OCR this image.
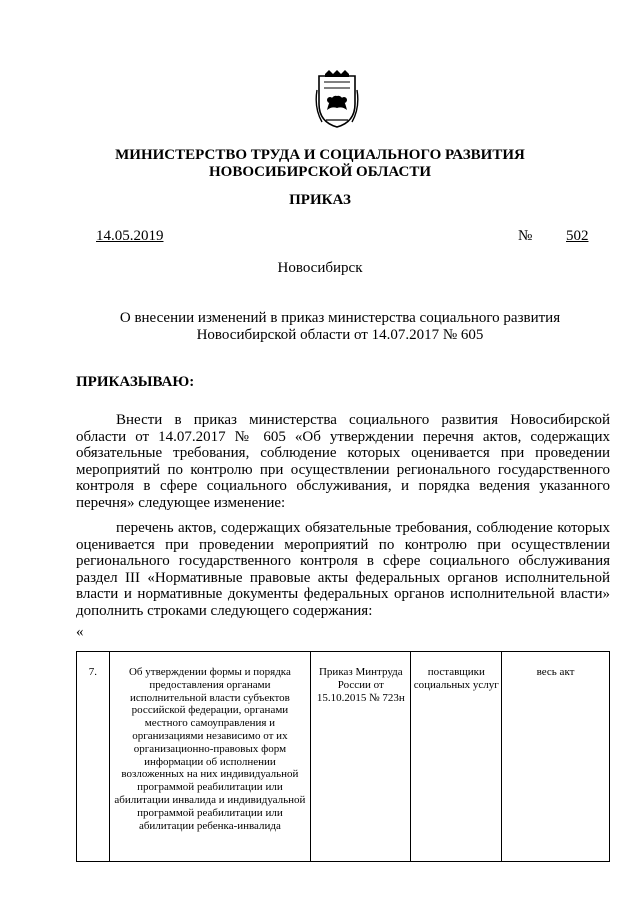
МИНИСТЕРСТВО ТРУДА И СОЦИАЛЬНОГО РАЗВИТИЯ
НОВОСИБИРСКОЙ ОБЛАСТИ
ПРИКАЗ
14.05.2019	№ 502
Новосибирск
О внесении изменений в приказ министерства социального развития Новосибирской области от 14.07.2017 № 605
ПРИКАЗЫВАЮ:
Внести в приказ министерства социального развития Новосибирской области от 14.07.2017 № 605 «Об утверждении перечня актов, содержащих обязательные требования, соблюдение которых оценивается при проведении мероприятий по контролю при осуществлении регионального государственного контроля в сфере социального обслуживания, и порядка ведения указанного перечня» следующее изменение:
перечень актов, содержащих обязательные требования, соблюдение которых оценивается при проведении мероприятий по контролю при осуществлении регионального государственного контроля в сфере социального обслуживания раздел III «Нормативные правовые акты федеральных органов исполнительной власти и нормативные документы федеральных органов исполнительной власти» дополнить строками следующего содержания:
«
7.	Об утверждении формы и порядка предоставления органами исполнительной власти субъектов российской федерации, органами местного самоуправления и организациями независимо от их организационно-правовых форм информации об исполнении возложенных на них индивидуальной программой реабилитации или абилитации инвалида и индивидуальной программой реабилитации или абилитации ребенка-инвалида	Приказ Минтруда России от 15.10.2015 № 723н	поставщики социальных услуг	весь акт
